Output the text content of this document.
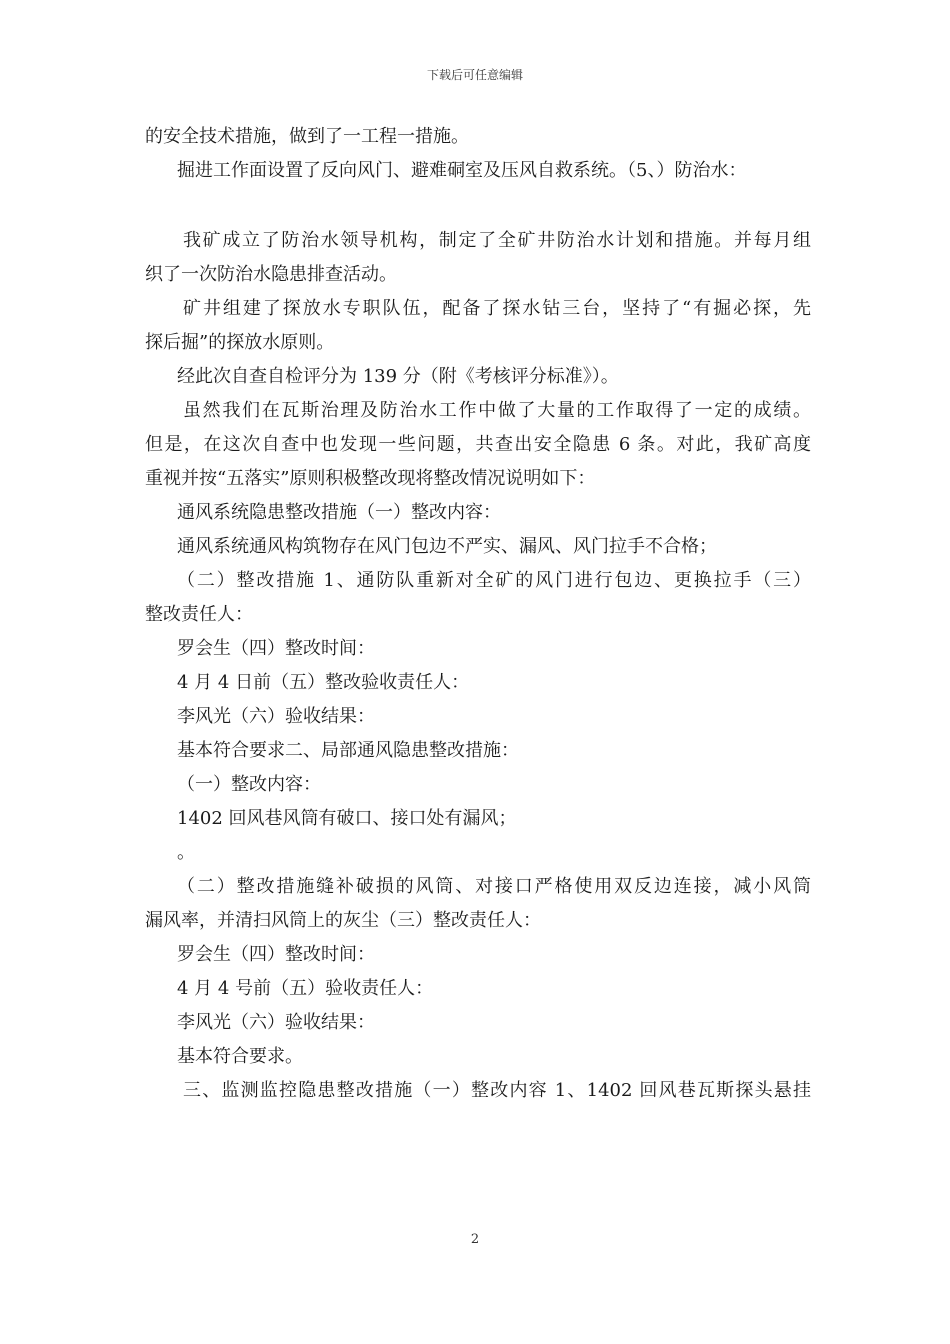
下载后可任意编辑

的安全技术措施，做到了一工程一措施。

掘进工作面设置了反向风门、避难硐室及压风自救系统。（5、）防治水：

我矿成立了防治水领导机构，制定了全矿井防治水计划和措施。并每月组

织了一次防治水隐患排查活动。

矿井组建了探放水专职队伍，配备了探水钻三台，坚持了“有掘必探，先

探后掘”的探放水原则。

经此次自查自检评分为 139 分（附《考核评分标准》）。

虽然我们在瓦斯治理及防治水工作中做了大量的工作取得了一定的成绩。

但是，在这次自查中也发现一些问题，共查出安全隐患 6 条。对此，我矿高度

重视并按“五落实”原则积极整改现将整改情况说明如下：

通风系统隐患整改措施（一）整改内容：

通风系统通风构筑物存在风门包边不严实、漏风、风门拉手不合格；

（二）整改措施 1、通防队重新对全矿的风门进行包边、更换拉手（三）

整改责任人：

罗会生（四）整改时间：

4 月 4 日前（五）整改验收责任人：

李风光（六）验收结果：

基本符合要求二、局部通风隐患整改措施：

（一）整改内容：

1402 回风巷风筒有破口、接口处有漏风；

。

（二）整改措施缝补破损的风筒、对接口严格使用双反边连接，减小风筒

漏风率，并清扫风筒上的灰尘（三）整改责任人：

罗会生（四）整改时间：

4 月 4 号前（五）验收责任人：

李风光（六）验收结果：

基本符合要求。

三、监测监控隐患整改措施（一）整改内容 1、1402 回风巷瓦斯探头悬挂

2
